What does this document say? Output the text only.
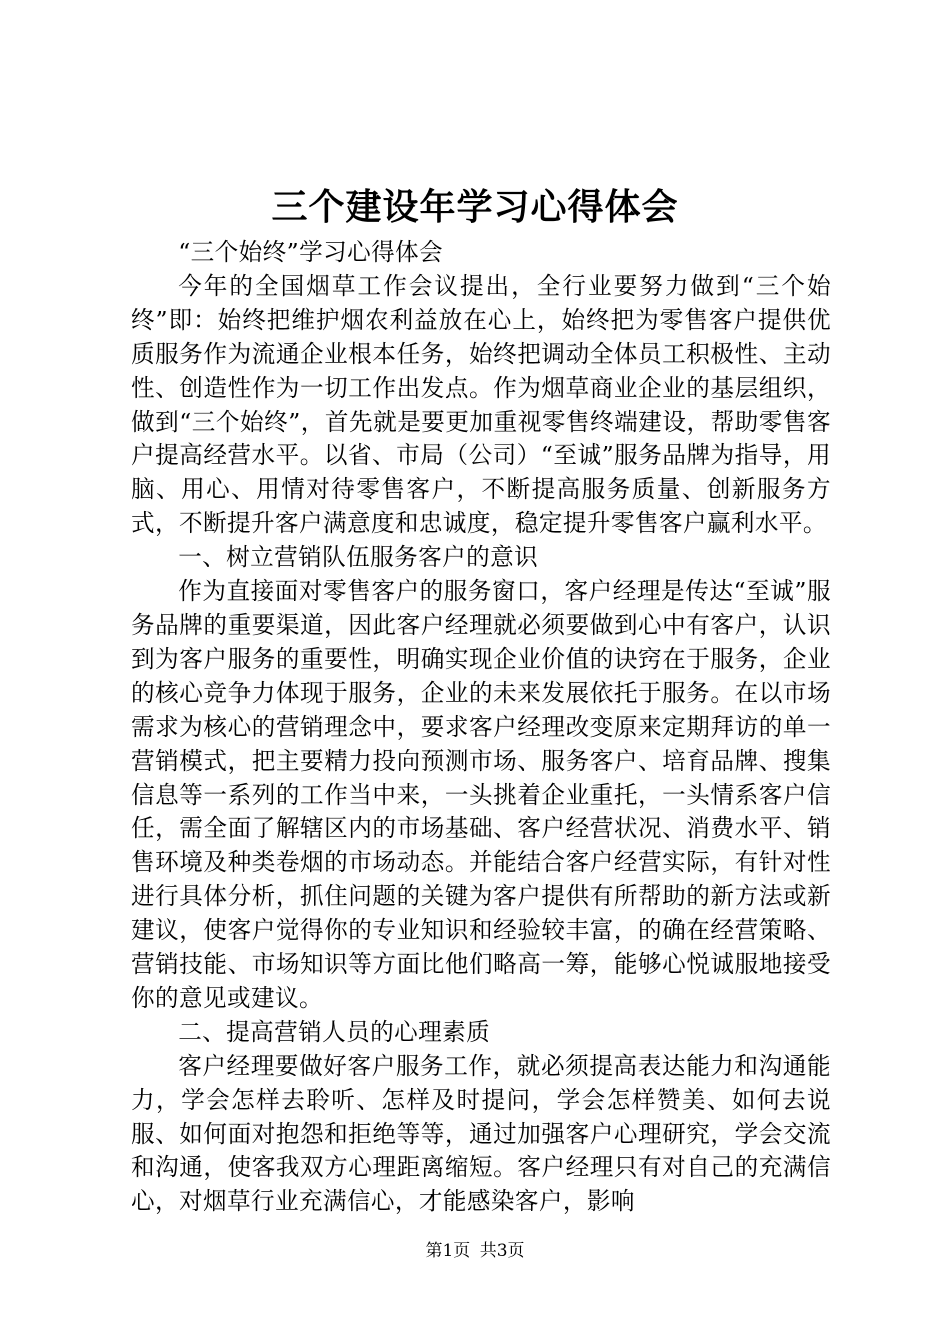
三个建设年学习心得体会

“三个始终”学习心得体会

今年的全国烟草工作会议提出，全行业要努力做到“三个始终”即：始终把维护烟农利益放在心上，始终把为零售客户提供优质服务作为流通企业根本任务，始终把调动全体员工积极性、主动性、创造性作为一切工作出发点。作为烟草商业企业的基层组织，做到“三个始终”，首先就是要更加重视零售终端建设，帮助零售客户提高经营水平。以省、市局（公司）“至诚”服务品牌为指导，用脑、用心、用情对待零售客户，不断提高服务质量、创新服务方式，不断提升客户满意度和忠诚度，稳定提升零售客户赢利水平。

一、树立营销队伍服务客户的意识

作为直接面对零售客户的服务窗口，客户经理是传达“至诚”服务品牌的重要渠道，因此客户经理就必须要做到心中有客户，认识到为客户服务的重要性，明确实现企业价值的诀窍在于服务，企业的核心竞争力体现于服务，企业的未来发展依托于服务。在以市场需求为核心的营销理念中，要求客户经理改变原来定期拜访的单一营销模式，把主要精力投向预测市场、服务客户、培育品牌、搜集信息等一系列的工作当中来，一头挑着企业重托，一头情系客户信任，需全面了解辖区内的市场基础、客户经营状况、消费水平、销售环境及种类卷烟的市场动态。并能结合客户经营实际，有针对性进行具体分析，抓住问题的关键为客户提供有所帮助的新方法或新建议，使客户觉得你的专业知识和经验较丰富，的确在经营策略、营销技能、市场知识等方面比他们略高一筹，能够心悦诚服地接受你的意见或建议。

二、提高营销人员的心理素质

客户经理要做好客户服务工作，就必须提高表达能力和沟通能力，学会怎样去聆听、怎样及时提问，学会怎样赞美、如何去说服、如何面对抱怨和拒绝等等，通过加强客户心理研究，学会交流和沟通，使客我双方心理距离缩短。客户经理只有对自己的充满信心，对烟草行业充满信心，才能感染客户，影响

第1页 共3页
